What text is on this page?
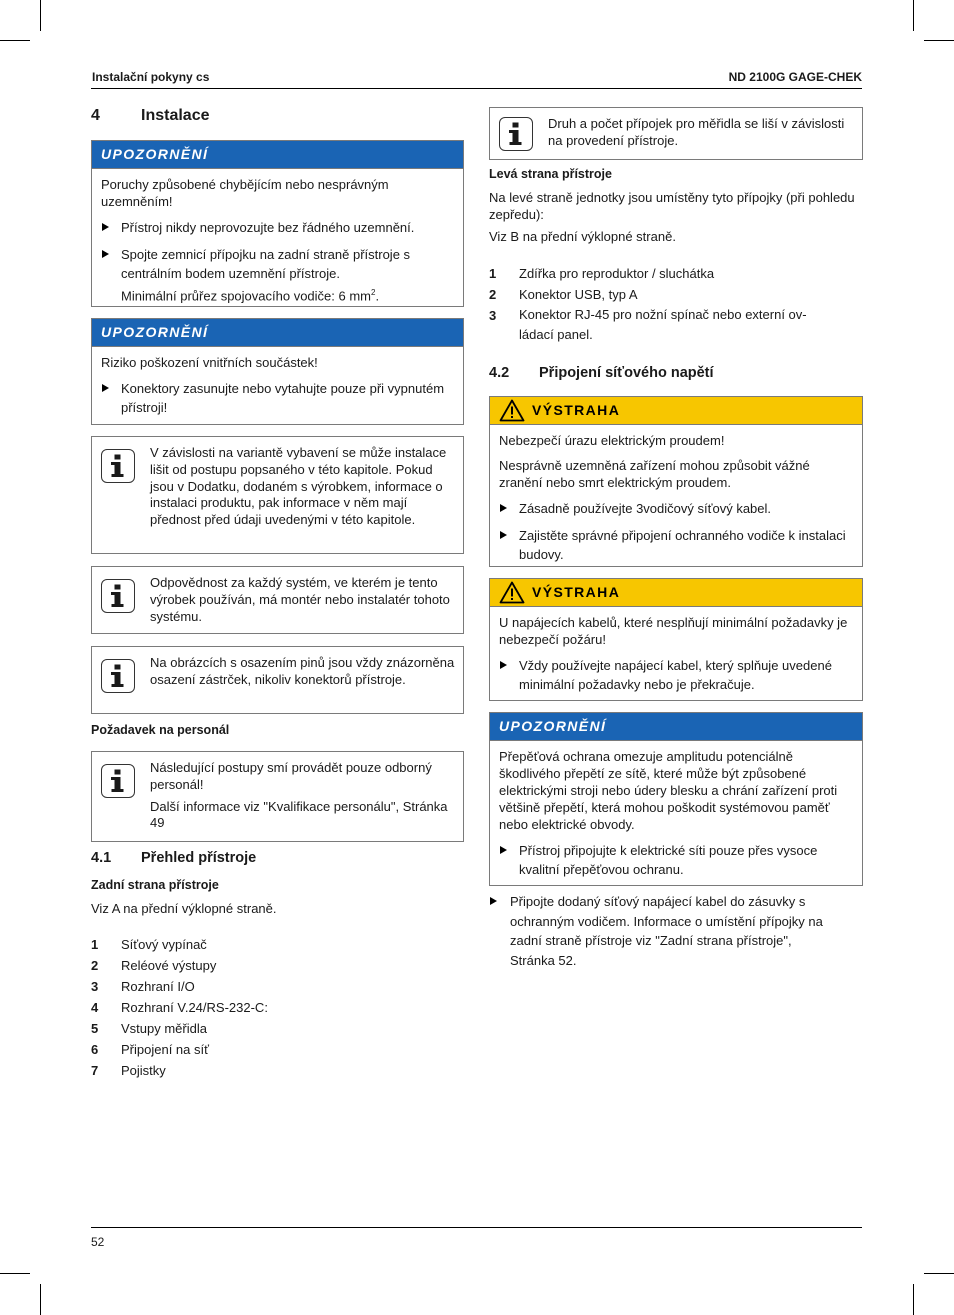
Instalační pokyny cs	ND 2100G GAGE-CHEK
4	Instalace
UPOZORNĚNÍ

Poruchy způsobené chybějícím nebo nesprávným uzemněním!

Přístroj nikdy neprovozujte bez řádného uzemnění.
Spojte zemnicí přípojku na zadní straně přístroje s centrálním bodem uzemnění přístroje.
Minimální průřez spojovacího vodiče: 6 $mm^2$.
UPOZORNĚNÍ

Riziko poškození vnitřních součástek!

Konektory zasunujte nebo vytahujte pouze při vypnutém přístroji!
V závislosti na variantě vybavení se může instalace lišit od postupu popsaného v této kapitole. Pokud jsou v Dodatku, dodaném s výrobkem, informace o instalaci produktu, pak informace v něm mají přednost před údaji uvedenými v této kapitole.
Odpovědnost za každý systém, ve kterém je tento výrobek používán, má montér nebo instalatér tohoto systému.
Na obrázcích s osazením pinů jsou vždy znázorněna osazení zástrček, nikoliv konektorů přístroje.
Požadavek na personál

Následující postupy smí provádět pouze odborný personál!

Další informace viz "Kvalifikace personálu", Stránka 49

4.1 Přehled přístroje
Zadní strana přístroje
Viz A na přední výklopné straně.
1 Síťový vypínač
2 Reléové výstupy
3 Rozhraní I/O
4 Rozhraní V.24/RS-232-C:
5 Vstupy měřidla
6 Připojení na síť
7 Pojistky
Druh a počet přípojek pro měřidla se liší v závislosti na provedení přístroje.
Levá strana přístroje
Na levé straně jednotky jsou umístěny tyto přípojky (při pohledu zepředu):
Viz B na přední výklopné straně.
1 Zdířka pro reproduktor / sluchátka
2 Konektor USB, typ A
3 Konektor RJ-45 pro nožní spínač nebo externí ov-ládací panel.
4.2 Připojení síťového napětí
VÝSTRAHA

Nebezpečí úrazu elektrickým proudem!

Nesprávně uzemněná zařízení mohou způsobit vážné zranění nebo smrt elektrickým proudem.

Zásadně používejte 3vodičový síťový kabel.
Zajistěte správné připojení ochranného vodiče k instalaci budovy.
VÝSTRAHA

U napájecích kabelů, které nesplňují minimální požadavky je nebezpečí požáru!

Vždy používejte napájecí kabel, který splňuje uvedené minimální požadavky nebo je překračuje.
UPOZORNĚNÍ

Přepěťová ochrana omezuje amplitudu potenciálně škodlivého přepětí ze sítě, které může být způsobené elektrickými stroji nebo údery blesku a chrání zařízení proti většině přepětí, která mohou poškodit systémovou paměť nebo elektrické obvody.

Přístroj připojujte k elektrické síti pouze přes vysoce kvalitní přepěťovou ochranu.
Připojte dodaný síťový napájecí kabel do zásuvky s ochranným vodičem. Informace o umístění přípojky na zadní straně přístroje viz "Zadní strana přístroje", Stránka 52.
52
